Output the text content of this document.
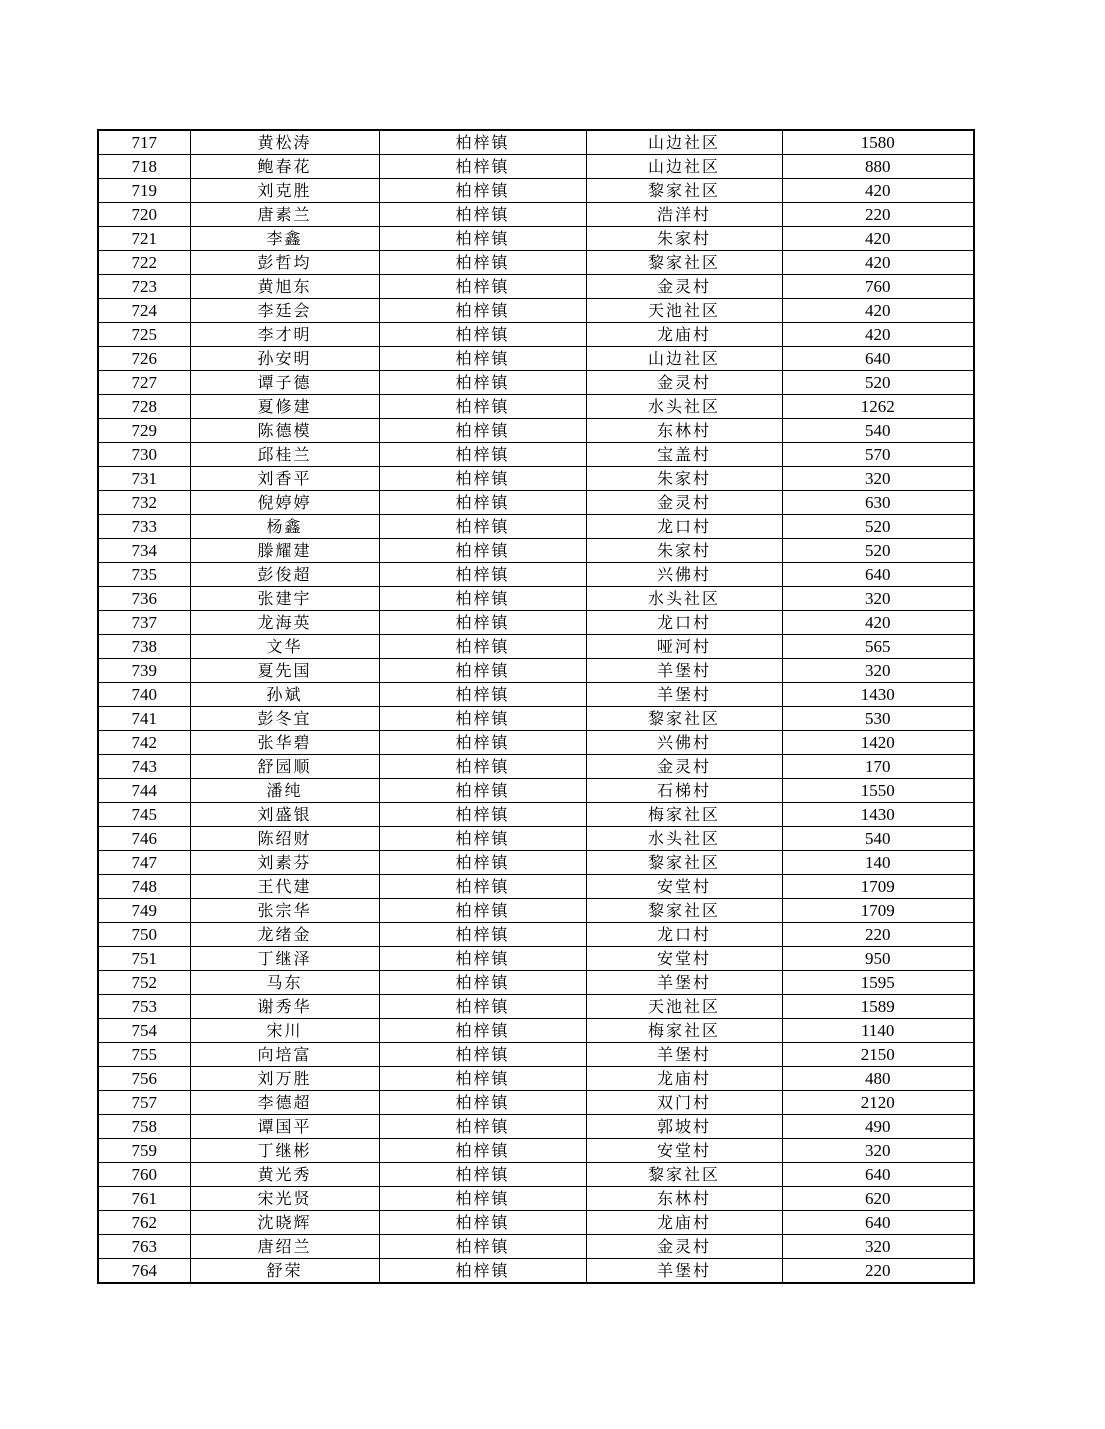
717	黄松涛	柏梓镇	山边社区	1580
718	鲍春花	柏梓镇	山边社区	880
719	刘克胜	柏梓镇	黎家社区	420
720	唐素兰	柏梓镇	浩洋村	220
721	李鑫	柏梓镇	朱家村	420
722	彭哲均	柏梓镇	黎家社区	420
723	黄旭东	柏梓镇	金灵村	760
724	李廷会	柏梓镇	天池社区	420
725	李才明	柏梓镇	龙庙村	420
726	孙安明	柏梓镇	山边社区	640
727	谭子德	柏梓镇	金灵村	520
728	夏修建	柏梓镇	水头社区	1262
729	陈德模	柏梓镇	东林村	540
730	邱桂兰	柏梓镇	宝盖村	570
731	刘香平	柏梓镇	朱家村	320
732	倪婷婷	柏梓镇	金灵村	630
733	杨鑫	柏梓镇	龙口村	520
734	滕耀建	柏梓镇	朱家村	520
735	彭俊超	柏梓镇	兴佛村	640
736	张建宇	柏梓镇	水头社区	320
737	龙海英	柏梓镇	龙口村	420
738	文华	柏梓镇	哑河村	565
739	夏先国	柏梓镇	羊堡村	320
740	孙斌	柏梓镇	羊堡村	1430
741	彭冬宜	柏梓镇	黎家社区	530
742	张华碧	柏梓镇	兴佛村	1420
743	舒园顺	柏梓镇	金灵村	170
744	潘纯	柏梓镇	石梯村	1550
745	刘盛银	柏梓镇	梅家社区	1430
746	陈绍财	柏梓镇	水头社区	540
747	刘素芬	柏梓镇	黎家社区	140
748	王代建	柏梓镇	安堂村	1709
749	张宗华	柏梓镇	黎家社区	1709
750	龙绪金	柏梓镇	龙口村	220
751	丁继泽	柏梓镇	安堂村	950
752	马东	柏梓镇	羊堡村	1595
753	谢秀华	柏梓镇	天池社区	1589
754	宋川	柏梓镇	梅家社区	1140
755	向培富	柏梓镇	羊堡村	2150
756	刘万胜	柏梓镇	龙庙村	480
757	李德超	柏梓镇	双门村	2120
758	谭国平	柏梓镇	郭坡村	490
759	丁继彬	柏梓镇	安堂村	320
760	黄光秀	柏梓镇	黎家社区	640
761	宋光贤	柏梓镇	东林村	620
762	沈晓辉	柏梓镇	龙庙村	640
763	唐绍兰	柏梓镇	金灵村	320
764	舒荣	柏梓镇	羊堡村	220
